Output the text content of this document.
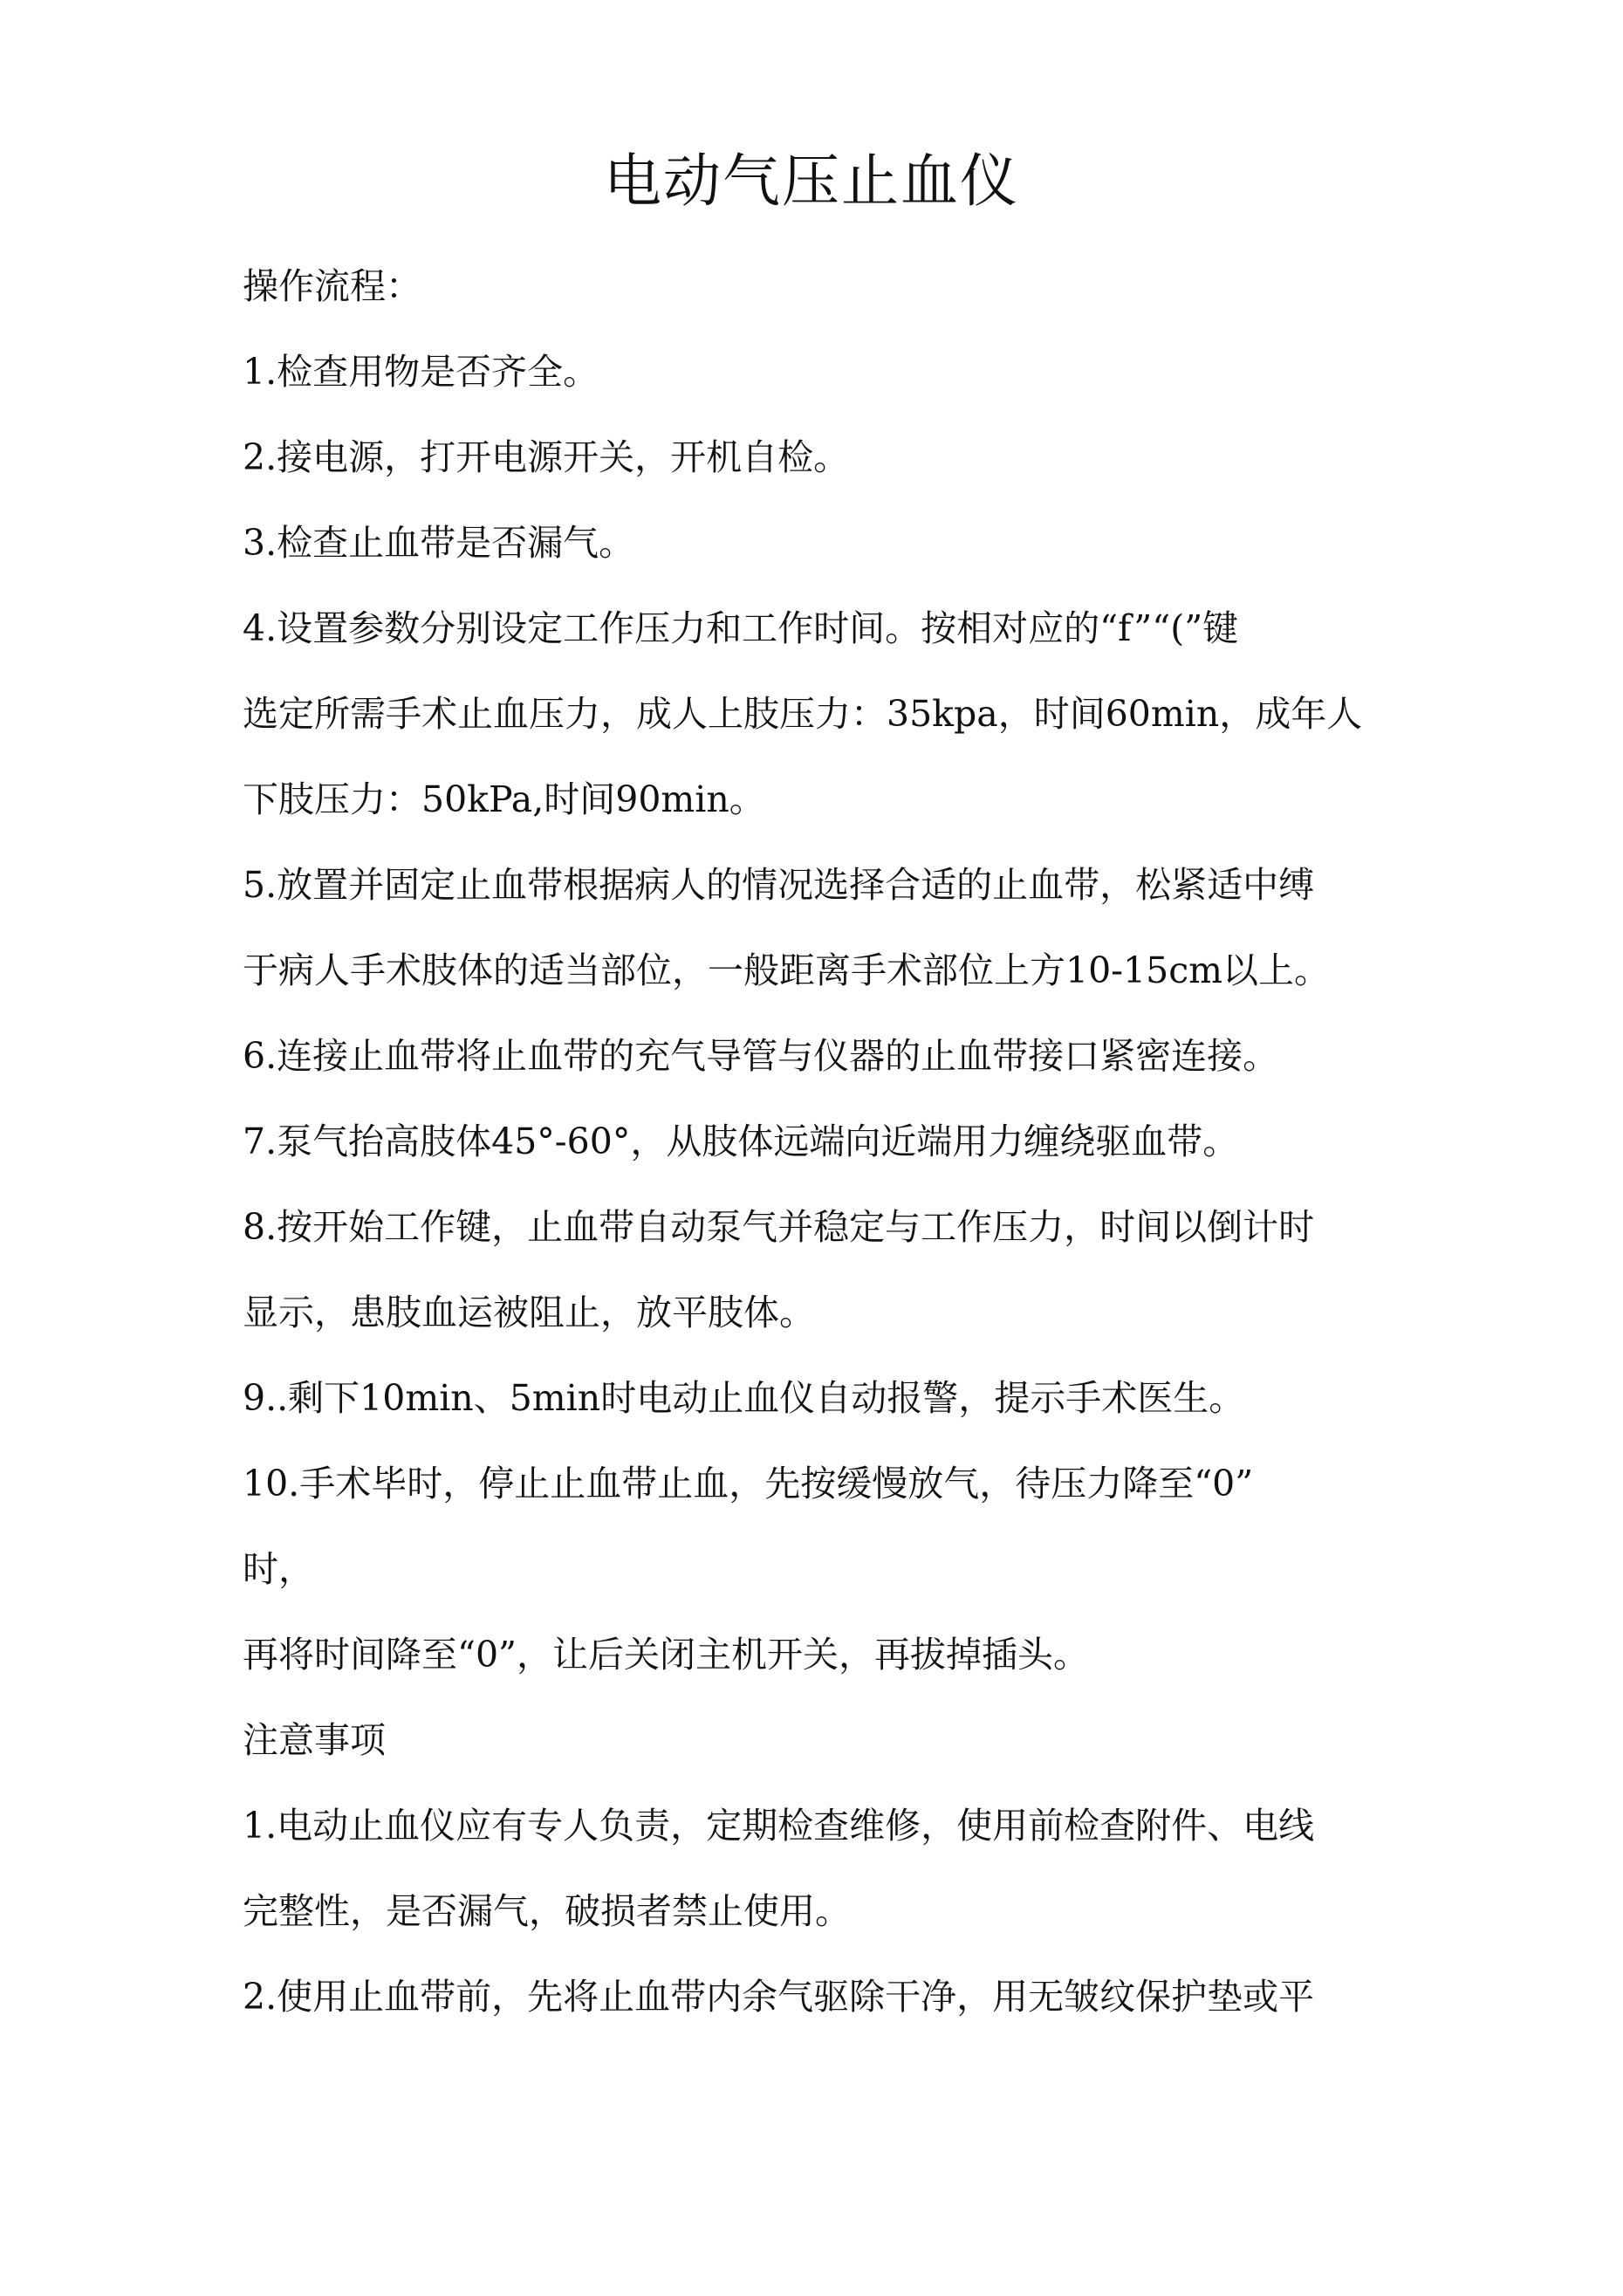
电动气压止血仪
操作流程：
1.检查用物是否齐全。
2.接电源，打开电源开关，开机自检。
3.检查止血带是否漏气。
4.设置参数分别设定工作压力和工作时间。按相对应的“f”“(”键
选定所需手术止血压力，成人上肢压力：35kpa，时间60min，成年人
下肢压力：50kPa,时间90min。
5.放置并固定止血带根据病人的情况选择合适的止血带，松紧适中缚
于病人手术肢体的适当部位，一般距离手术部位上方10-15cm以上。
6.连接止血带将止血带的充气导管与仪器的止血带接口紧密连接。
7.泵气抬高肢体45°-60°，从肢体远端向近端用力缠绕驱血带。
8.按开始工作键，止血带自动泵气并稳定与工作压力，时间以倒计时
显示，患肢血运被阻止，放平肢体。
9..剩下10min、5min时电动止血仪自动报警，提示手术医生。
10.手术毕时，停止止血带止血，先按缓慢放气，待压力降至“0”
时，
再将时间降至“0”，让后关闭主机开关，再拔掉插头。
注意事项
1.电动止血仪应有专人负责，定期检查维修，使用前检查附件、电线
完整性，是否漏气，破损者禁止使用。
2.使用止血带前，先将止血带内余气驱除干净，用无皱纹保护垫或平
